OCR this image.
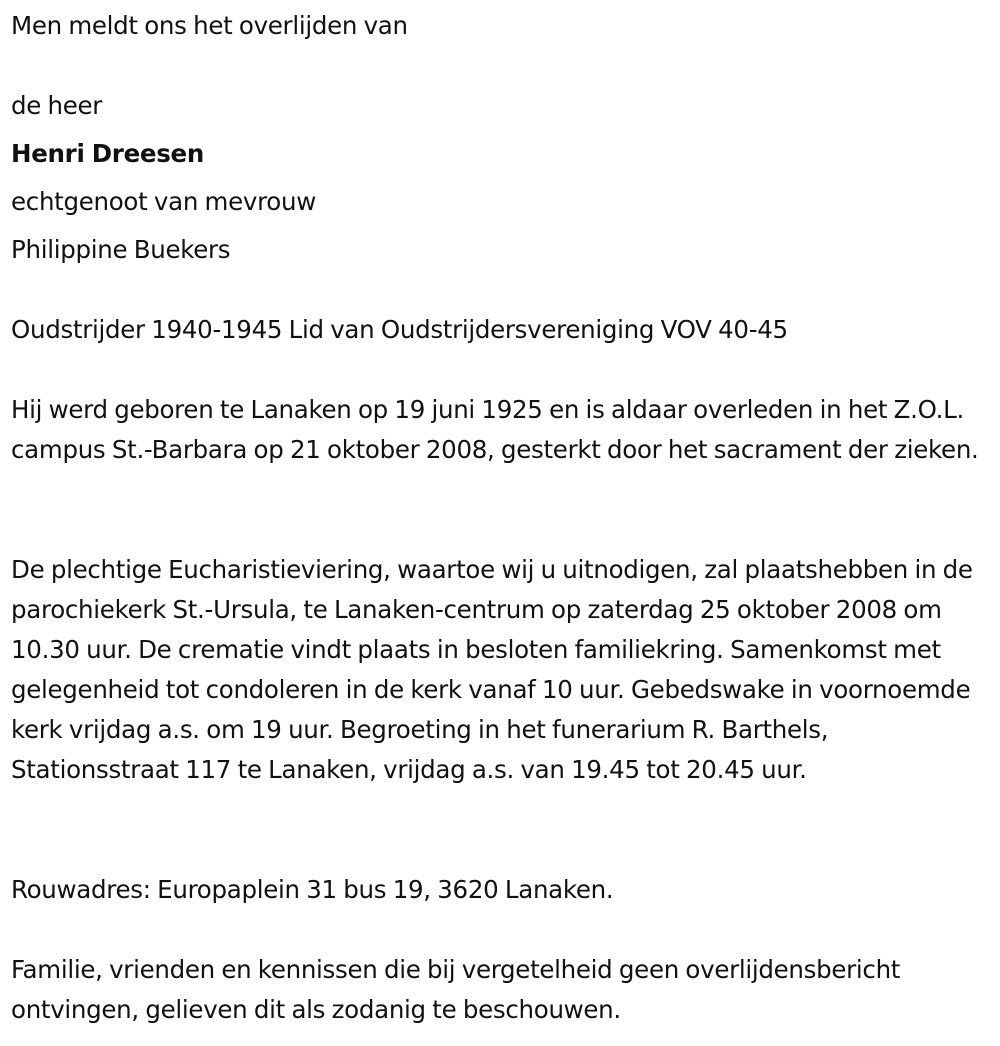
Men meldt ons het overlijden van
de heer
Henri Dreesen
echtgenoot van mevrouw
Philippine Buekers
Oudstrijder 1940-1945 Lid van Oudstrijdersvereniging VOV 40-45

Hij werd geboren te Lanaken op 19 juni 1925 en is aldaar overleden in het Z.O.L. campus St.-Barbara op 21 oktober 2008, gesterkt door het sacrament der zieken.

De plechtige Eucharistieviering, waartoe wij u uitnodigen, zal plaatshebben in de parochiekerk St.-Ursula, te Lanaken-centrum op zaterdag 25 oktober 2008 om 10.30 uur. De crematie vindt plaats in besloten familiekring. Samenkomst met gelegenheid tot condoleren in de kerk vanaf 10 uur. Gebedswake in voornoemde kerk vrijdag a.s. om 19 uur. Begroeting in het funerarium R. Barthels, Stationsstraat 117 te Lanaken, vrijdag a.s. van 19.45 tot 20.45 uur.

Rouwadres: Europaplein 31 bus 19, 3620 Lanaken.

Familie, vrienden en kennissen die bij vergetelheid geen overlijdensbericht ontvingen, gelieven dit als zodanig te beschouwen.
